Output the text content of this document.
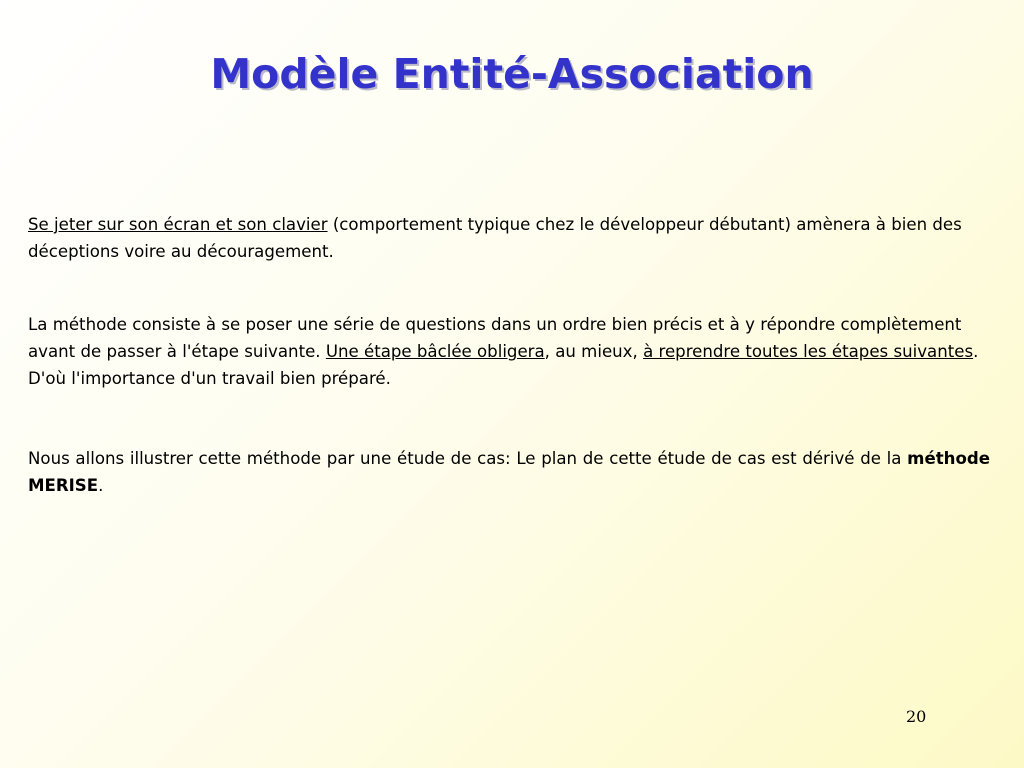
Modèle Entité-Association

Se jeter sur son écran et son clavier (comportement typique chez le développeur débutant) amènera à bien des déceptions voire au découragement.

La méthode consiste à se poser une série de questions dans un ordre bien précis et à y répondre complètement avant de passer à l'étape suivante. Une étape bâclée obligera, au mieux, à reprendre toutes les étapes suivantes. D'où l'importance d'un travail bien préparé.

Nous allons illustrer cette méthode par une étude de cas: Le plan de cette étude de cas est dérivé de la méthode MERISE.

20
